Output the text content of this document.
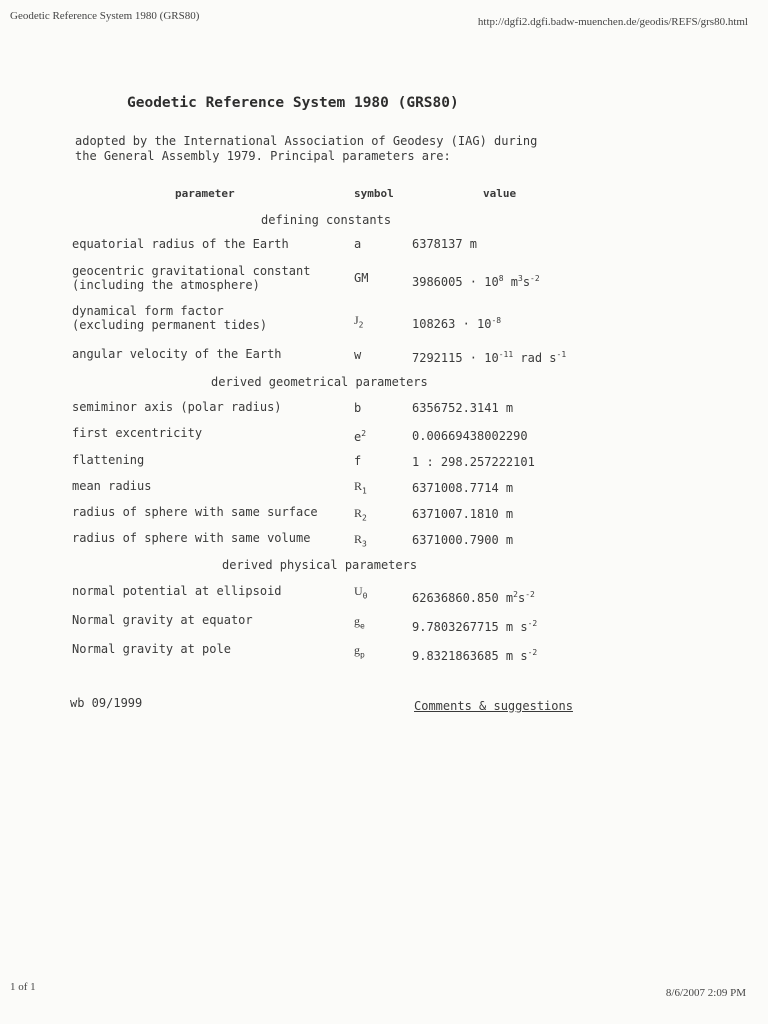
Geodetic Reference System 1980 (GRS80)	http://dgfi2.dgfi.badw-muenchen.de/geodis/REFS/grs80.html
1 of 1	8/6/2007 2:09 PM
Geodetic Reference System 1980 (GRS80)
adopted by the International Association of Geodesy (IAG) during
the General Assembly 1979. Principal parameters are:
parameter	symbol	value
defining constants
equatorial radius of the Earth	a	6378137 m
geocentric gravitational constant
(including the atmosphere)	GM	$3986005 \cdot 10^8$ $m^3s^{-2}$
dynamical form factor
(excluding permanent tides)	$J_2$	$108263 \cdot 10^{-8}$
angular velocity of the Earth	w	$7292115 \cdot 10^{-11}$ rad $s^{-1}$
derived geometrical parameters
semiminor axis (polar radius)	b	6356752.3141 m
first excentricity	$e^2$	0.00669438002290
flattening	f	1 : 298.257222101
mean radius	$R_1$	6371008.7714 m
radius of sphere with same surface	$R_2$	6371007.1810 m
radius of sphere with same volume	$R_3$	6371000.7900 m
derived physical parameters
normal potential at ellipsoid	$U_0$	62636860.850 $m^2s^{-2}$
Normal gravity at equator	$g_e$	9.7803267715 m $s^{-2}$
Normal gravity at pole	$g_p$	9.8321863685 m $s^{-2}$
wb 09/1999	Comments & suggestions
